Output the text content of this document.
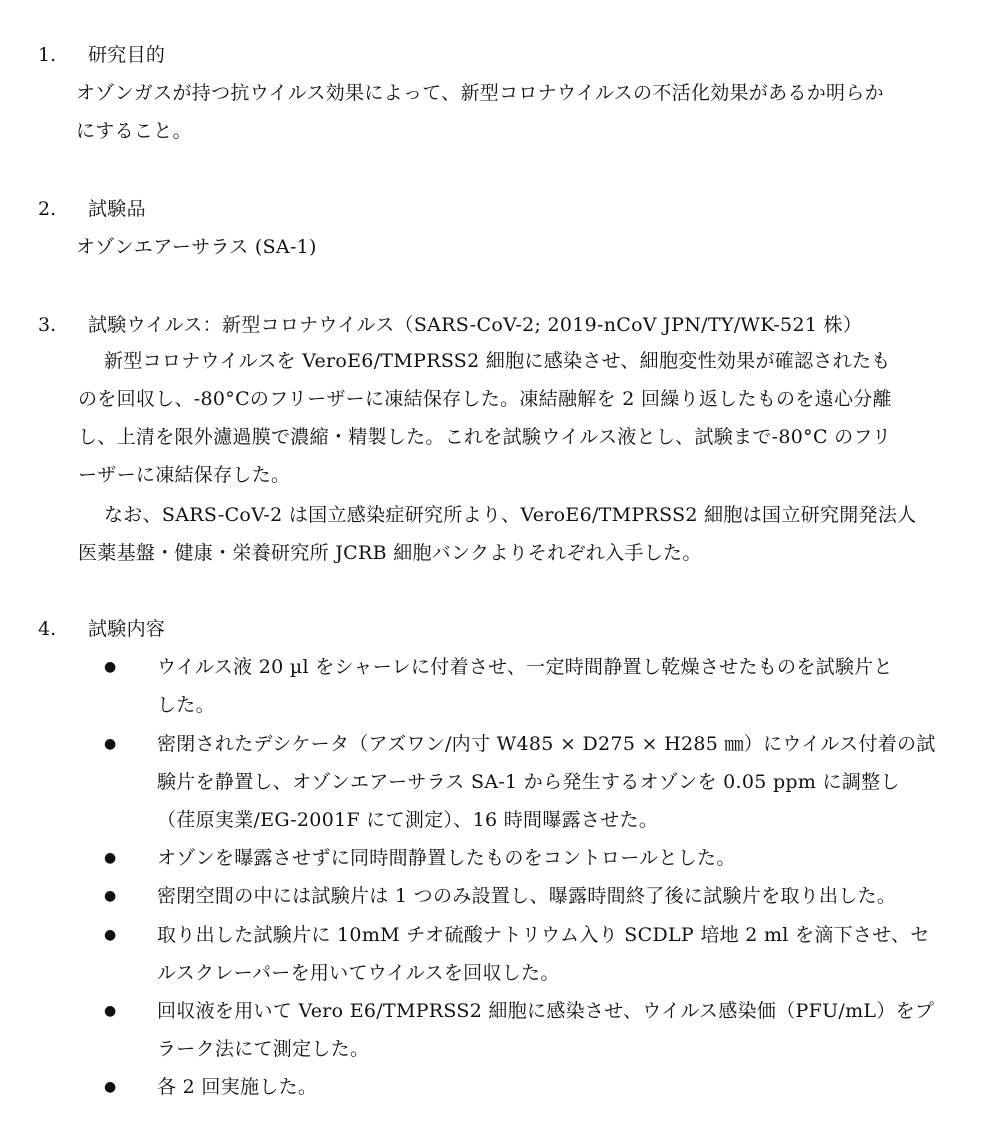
1. 研究目的
オゾンガスが持つ抗ウイルス効果によって、新型コロナウイルスの不活化効果があるか明らか
にすること。
2. 試験品
オゾンエアーサラス (SA-1)
3. 試験ウイルス：新型コロナウイルス（SARS-CoV-2; 2019-nCoV JPN/TY/WK-521 株）
新型コロナウイルスを VeroE6/TMPRSS2 細胞に感染させ、細胞変性効果が確認されたも
のを回収し、-80°Cのフリーザーに凍結保存した。凍結融解を 2 回繰り返したものを遠心分離
し、上清を限外濾過膜で濃縮・精製した。これを試験ウイルス液とし、試験まで-80°C のフリ
ーザーに凍結保存した。
なお、SARS-CoV-2 は国立感染症研究所より、VeroE6/TMPRSS2 細胞は国立研究開発法人
医薬基盤・健康・栄養研究所 JCRB 細胞バンクよりそれぞれ入手した。
4. 試験内容
● ウイルス液 20 µl をシャーレに付着させ、一定時間静置し乾燥させたものを試験片と
した。
● 密閉されたデシケータ（アズワン/内寸 W485 × D275 × H285 ㎜）にウイルス付着の試
験片を静置し、オゾンエアーサラス SA-1 から発生するオゾンを 0.05 ppm に調整し
（荏原実業/EG-2001F にて測定）、16 時間曝露させた。
● オゾンを曝露させずに同時間静置したものをコントロールとした。
● 密閉空間の中には試験片は 1 つのみ設置し、曝露時間終了後に試験片を取り出した。
● 取り出した試験片に 10mM チオ硫酸ナトリウム入り SCDLP 培地 2 ml を滴下させ、セ
ルスクレーパーを用いてウイルスを回収した。
● 回収液を用いて Vero E6/TMPRSS2 細胞に感染させ、ウイルス感染価（PFU/mL）をプ
ラーク法にて測定した。
● 各 2 回実施した。
